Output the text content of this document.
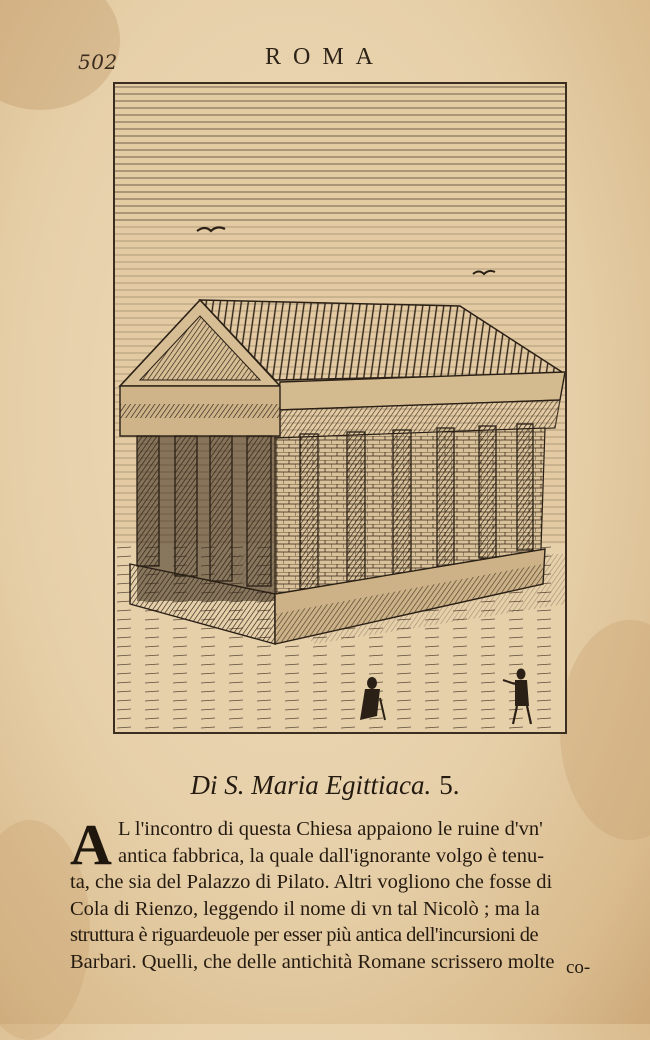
502	ROMA
Di S. Maria Egittiaca. 5.
A L l'incontro di questa Chiesa appaiono le ruine d'vn'
antica fabbrica, la quale dall'ignorante volgo è tenu-
ta, che sia del Palazzo di Pilato. Altri vogliono che fosse di
Cola di Rienzo, leggendo il nome di vn tal Nicolò ; ma la
struttura è riguardeuole per esser più antica dell'incursioni de
Barbari. Quelli, che delle antichità Romane scrissero molte co-
